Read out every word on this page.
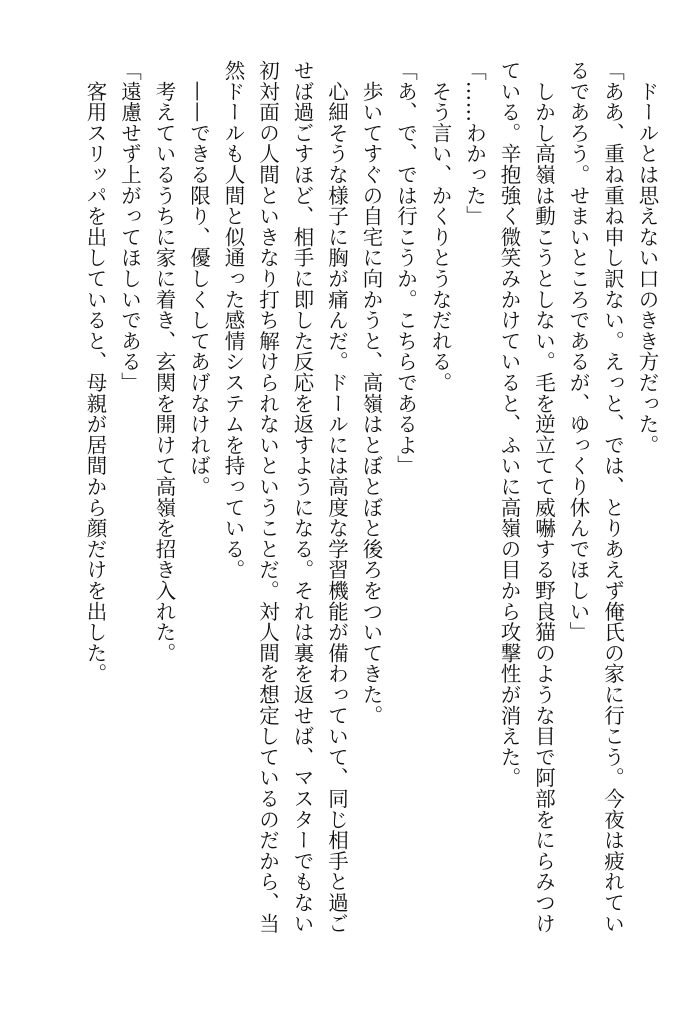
　ドールとは思えない口のきき方だった。
「ああ、重ね重ね申し訳ない。えっと、では、とりあえず俺氏の家に行こう。今夜は疲れてい
るであろう。せまいところであるが、ゆっくり休んでほしい」
　しかし高嶺は動こうとしない。毛を逆立てて威嚇する野良猫のような目で阿部をにらみつけ
ている。辛抱強く微笑みかけていると、ふいに高嶺の目から攻撃性が消えた。
「……わかった」
　そう言い、かくりとうなだれる。
「あ、で、では行こうか。こちらであるよ」
　歩いてすぐの自宅に向かうと、高嶺はとぼとぼと後ろをついてきた。
　心細そうな様子に胸が痛んだ。ドールには高度な学習機能が備わっていて、同じ相手と過ご
せば過ごすほど、相手に即した反応を返すようになる。それは裏を返せば、マスターでもない
初対面の人間といきなり打ち解けられないということだ。対人間を想定しているのだから、当
然ドールも人間と似通った感情システムを持っている。
　——できる限り、優しくしてあげなければ。
　考えているうちに家に着き、玄関を開けて高嶺を招き入れた。
「遠慮せず上がってほしいである」
　客用スリッパを出していると、母親が居間から顔だけを出した。
